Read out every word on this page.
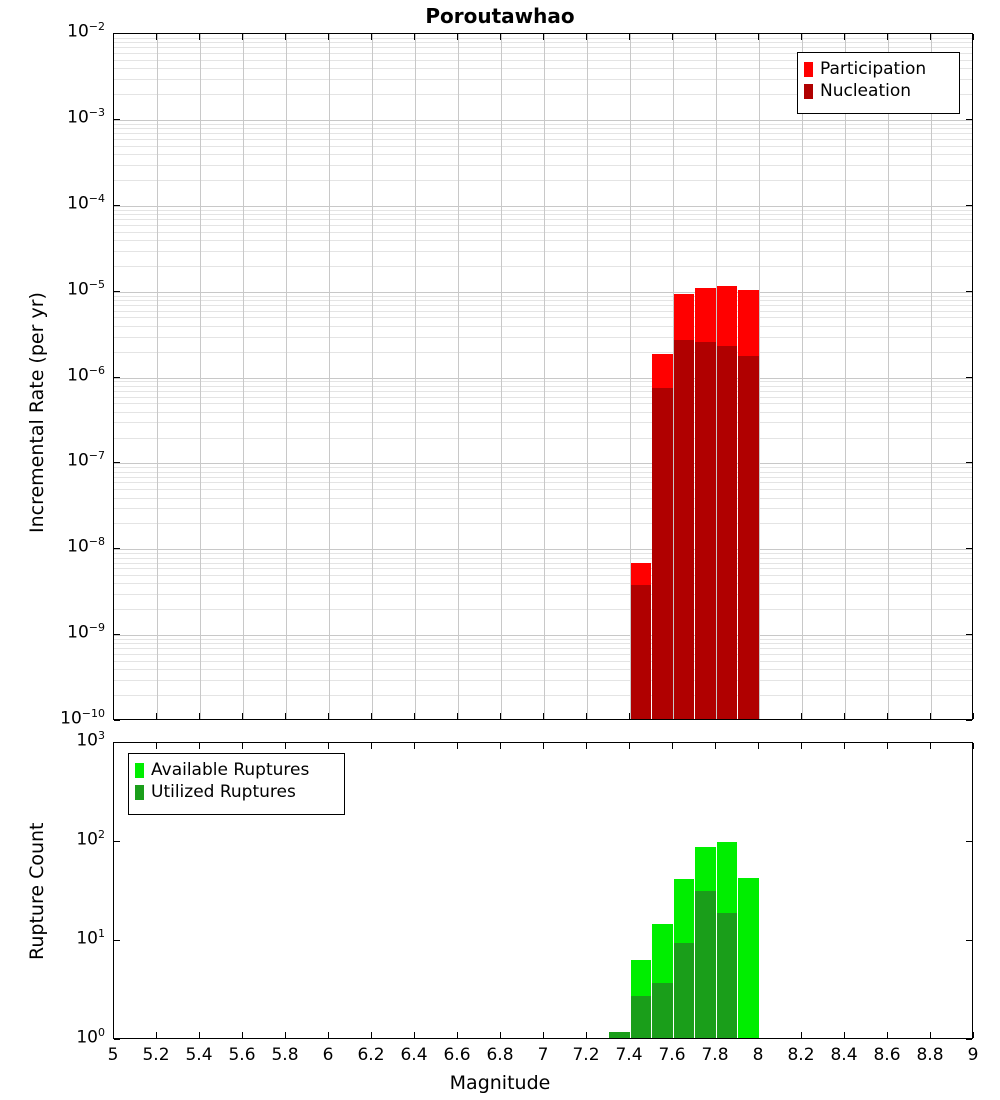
Poroutawhao
$10^{-10}$
$10^{-9}$
$10^{-8}$
$10^{-7}$
$10^{-6}$
$10^{-5}$
$10^{-4}$
$10^{-3}$
$10^{-2}$
Incremental Rate (per yr)
Participation
Nucleation
$10^0$
$10^1$
$10^2$
$10^3$
5	5.2 5.4 5.6 5.8	6	6.2 6.4 6.6 6.8	7	7.2 7.4 7.6 7.8	8	8.2 8.4 8.6 8.8	9
Rupture Count
Available Ruptures
Utilized Ruptures
Magnitude
